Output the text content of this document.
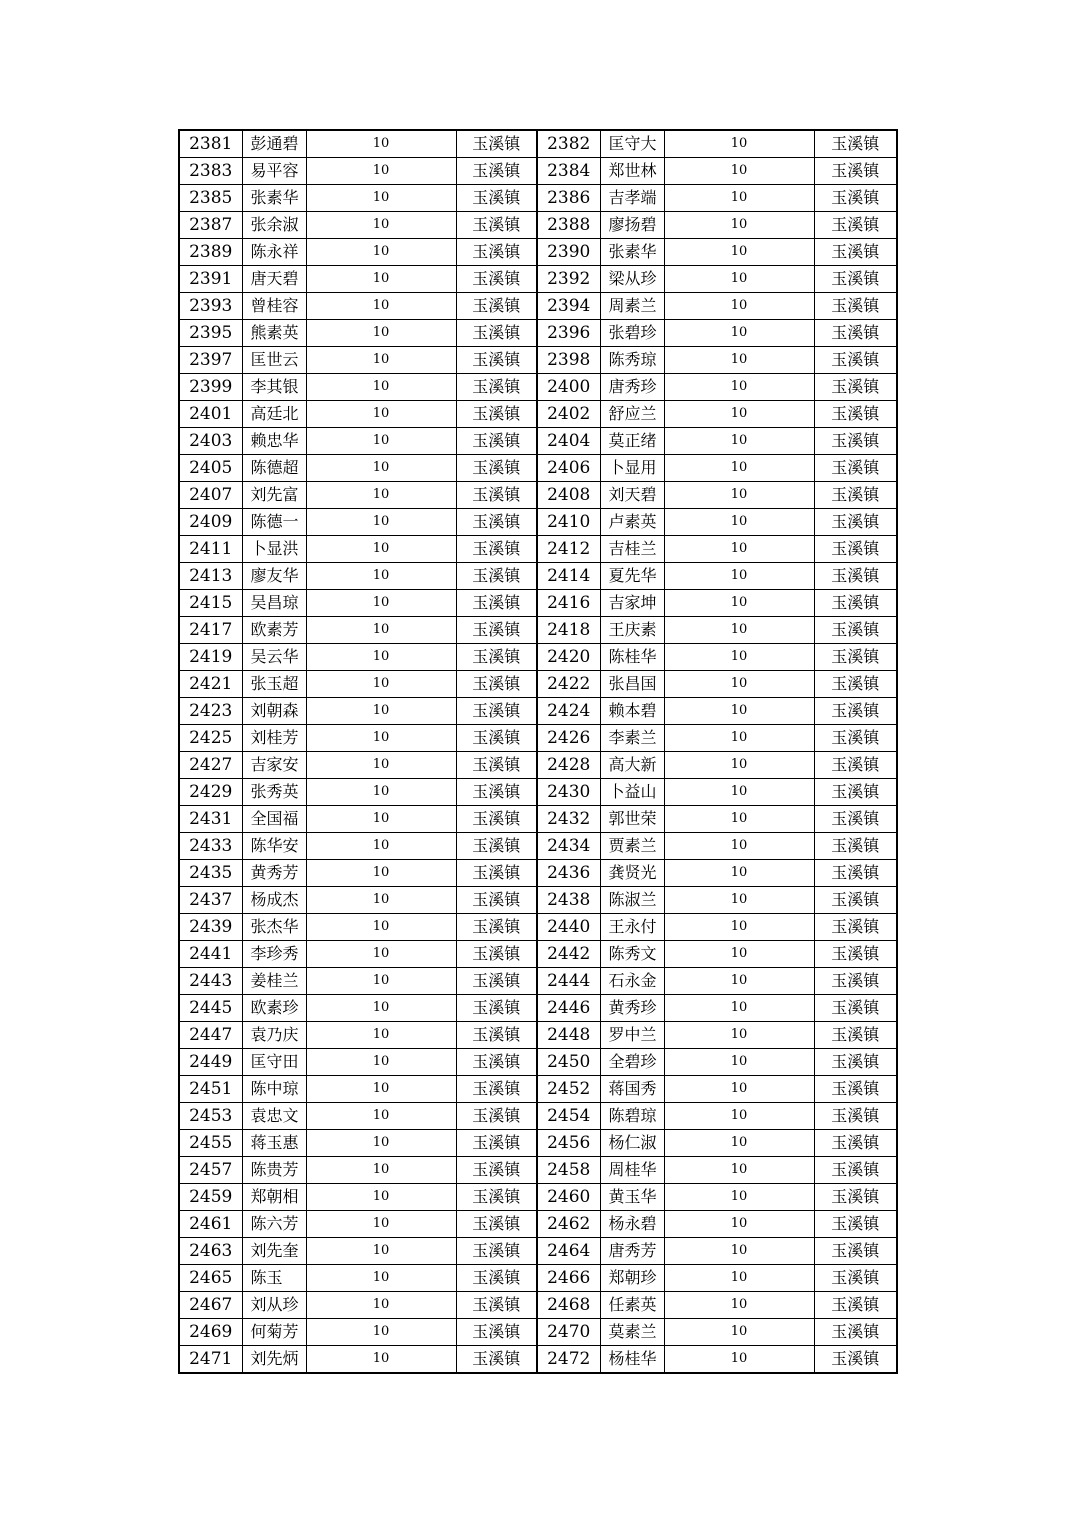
2381	彭通碧	10	玉溪镇	2382	匡守大	10	玉溪镇
2383	易平容	10	玉溪镇	2384	郑世林	10	玉溪镇
2385	张素华	10	玉溪镇	2386	吉孝端	10	玉溪镇
2387	张余淑	10	玉溪镇	2388	廖扬碧	10	玉溪镇
2389	陈永祥	10	玉溪镇	2390	张素华	10	玉溪镇
2391	唐天碧	10	玉溪镇	2392	梁从珍	10	玉溪镇
2393	曾桂容	10	玉溪镇	2394	周素兰	10	玉溪镇
2395	熊素英	10	玉溪镇	2396	张碧珍	10	玉溪镇
2397	匡世云	10	玉溪镇	2398	陈秀琼	10	玉溪镇
2399	李其银	10	玉溪镇	2400	唐秀珍	10	玉溪镇
2401	高廷北	10	玉溪镇	2402	舒应兰	10	玉溪镇
2403	赖忠华	10	玉溪镇	2404	莫正绪	10	玉溪镇
2405	陈德超	10	玉溪镇	2406	卜显用	10	玉溪镇
2407	刘先富	10	玉溪镇	2408	刘天碧	10	玉溪镇
2409	陈德一	10	玉溪镇	2410	卢素英	10	玉溪镇
2411	卜显洪	10	玉溪镇	2412	吉桂兰	10	玉溪镇
2413	廖友华	10	玉溪镇	2414	夏先华	10	玉溪镇
2415	吴昌琼	10	玉溪镇	2416	吉家坤	10	玉溪镇
2417	欧素芳	10	玉溪镇	2418	王庆素	10	玉溪镇
2419	吴云华	10	玉溪镇	2420	陈桂华	10	玉溪镇
2421	张玉超	10	玉溪镇	2422	张昌国	10	玉溪镇
2423	刘朝森	10	玉溪镇	2424	赖本碧	10	玉溪镇
2425	刘桂芳	10	玉溪镇	2426	李素兰	10	玉溪镇
2427	吉家安	10	玉溪镇	2428	高大新	10	玉溪镇
2429	张秀英	10	玉溪镇	2430	卜益山	10	玉溪镇
2431	全国福	10	玉溪镇	2432	郭世荣	10	玉溪镇
2433	陈华安	10	玉溪镇	2434	贾素兰	10	玉溪镇
2435	黄秀芳	10	玉溪镇	2436	龚贤光	10	玉溪镇
2437	杨成杰	10	玉溪镇	2438	陈淑兰	10	玉溪镇
2439	张杰华	10	玉溪镇	2440	王永付	10	玉溪镇
2441	李珍秀	10	玉溪镇	2442	陈秀文	10	玉溪镇
2443	姜桂兰	10	玉溪镇	2444	石永金	10	玉溪镇
2445	欧素珍	10	玉溪镇	2446	黄秀珍	10	玉溪镇
2447	袁乃庆	10	玉溪镇	2448	罗中兰	10	玉溪镇
2449	匡守田	10	玉溪镇	2450	全碧珍	10	玉溪镇
2451	陈中琼	10	玉溪镇	2452	蒋国秀	10	玉溪镇
2453	袁忠文	10	玉溪镇	2454	陈碧琼	10	玉溪镇
2455	蒋玉惠	10	玉溪镇	2456	杨仁淑	10	玉溪镇
2457	陈贵芳	10	玉溪镇	2458	周桂华	10	玉溪镇
2459	郑朝相	10	玉溪镇	2460	黄玉华	10	玉溪镇
2461	陈六芳	10	玉溪镇	2462	杨永碧	10	玉溪镇
2463	刘先奎	10	玉溪镇	2464	唐秀芳	10	玉溪镇
2465	陈玉	10	玉溪镇	2466	郑朝珍	10	玉溪镇
2467	刘从珍	10	玉溪镇	2468	任素英	10	玉溪镇
2469	何菊芳	10	玉溪镇	2470	莫素兰	10	玉溪镇
2471	刘先炳	10	玉溪镇	2472	杨桂华	10	玉溪镇
